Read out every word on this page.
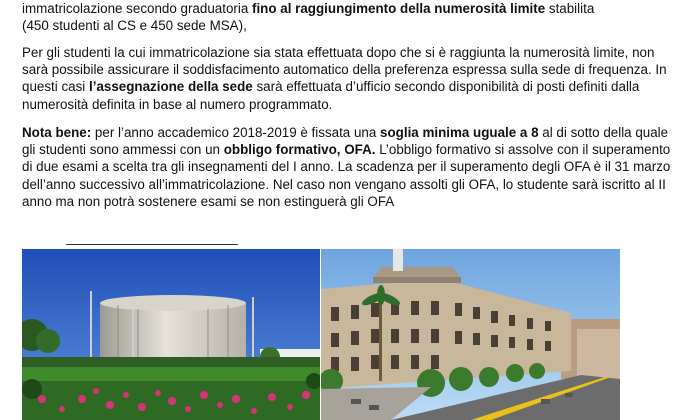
immatricolazione secondo graduatoria fino al raggiungimento della numerosità limite stabilita
(450 studenti al CS e 450 sede MSA),

Per gli studenti la cui immatricolazione sia stata effettuata dopo che si è raggiunta la numerosità limite, non sarà possibile assicurare il soddisfacimento automatico della preferenza espressa sulla sede di frequenza. In questi casi l’assegnazione della sede sarà effettuata d’ufficio secondo disponibilità di posti definiti dalla numerosità definita in base al numero programmato.

Nota bene: per l’anno accademico 2018-2019 è fissata una soglia minima uguale a 8 al di sotto della quale gli studenti sono ammessi con un obbligo formativo, OFA. L’obbligo formativo si assolve con il superamento di due esami a scelta tra gli insegnamenti del I anno. La scadenza per il superamento degli OFA è il 31 marzo dell’anno successivo all’immatricolazione. Nel caso non vengano assolti gli OFA, lo studente sarà iscritto al II anno ma non potrà sostenere esami se non estinguerà gli OFA
